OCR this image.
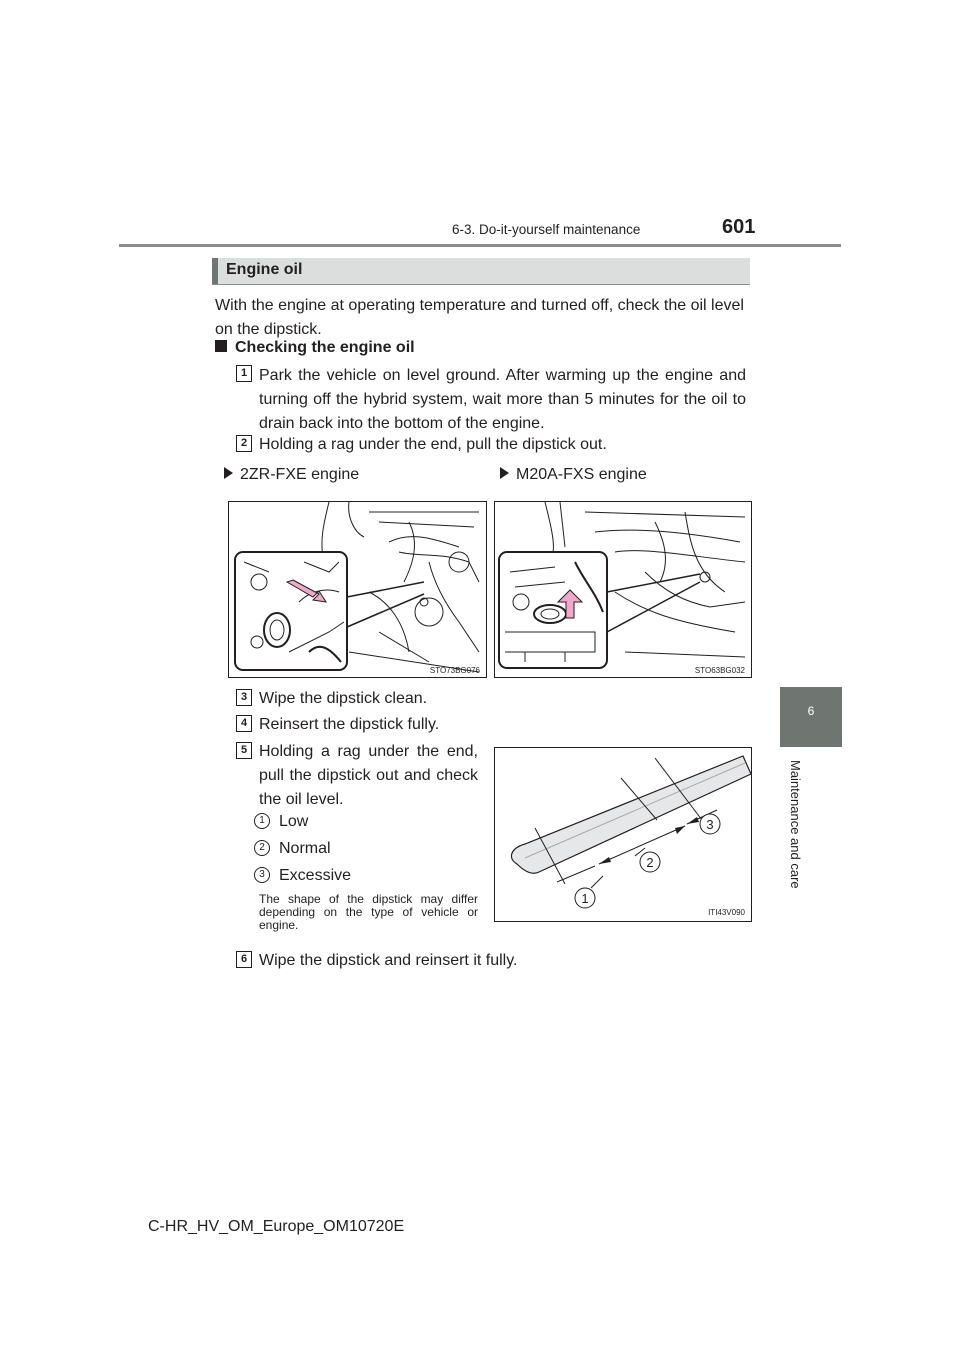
6-3. Do-it-yourself maintenance	601
6
Maintenance and care
Engine oil
With the engine at operating temperature and turned off, check the oil level on the dipstick.
Checking the engine oil
1 Park the vehicle on level ground. After warming up the engine and turning off the hybrid system, wait more than 5 minutes for the oil to drain back into the bottom of the engine.
2 Holding a rag under the end, pull the dipstick out.
2ZR-FXE engine	M20A-FXS engine
STO73BG076	STO63BG032
3 Wipe the dipstick clean.
4 Reinsert the dipstick fully.
5 Holding a rag under the end, pull the dipstick out and check the oil level.
1 Low
2 Normal
3 Excessive
The shape of the dipstick may differ depending on the type of vehicle or engine.
1
2
3
ITI43V090
6 Wipe the dipstick and reinsert it fully.
C-HR_HV_OM_Europe_OM10720E
